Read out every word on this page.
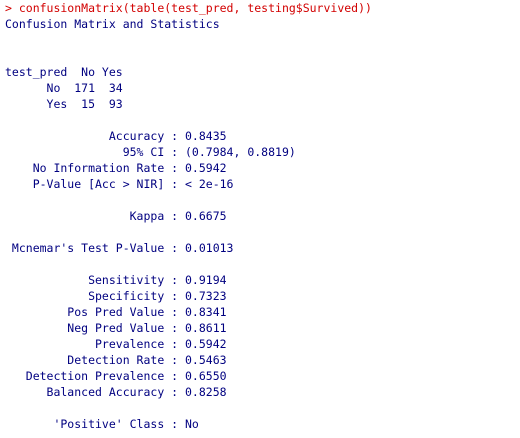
> confusionMatrix(table(test_pred, testing$Survived))
Confusion Matrix and Statistics
test_pred  No Yes
No  171  34
Yes  15  93
Accuracy : 0.8435
95% CI : (0.7984, 0.8819)
No Information Rate : 0.5942
P-Value [Acc > NIR] : < 2e-16
Kappa : 0.6675
Mcnemar's Test P-Value : 0.01013
Sensitivity : 0.9194
Specificity : 0.7323
Pos Pred Value : 0.8341
Neg Pred Value : 0.8611
Prevalence : 0.5942
Detection Rate : 0.5463
Detection Prevalence : 0.6550
Balanced Accuracy : 0.8258
'Positive' Class : No
